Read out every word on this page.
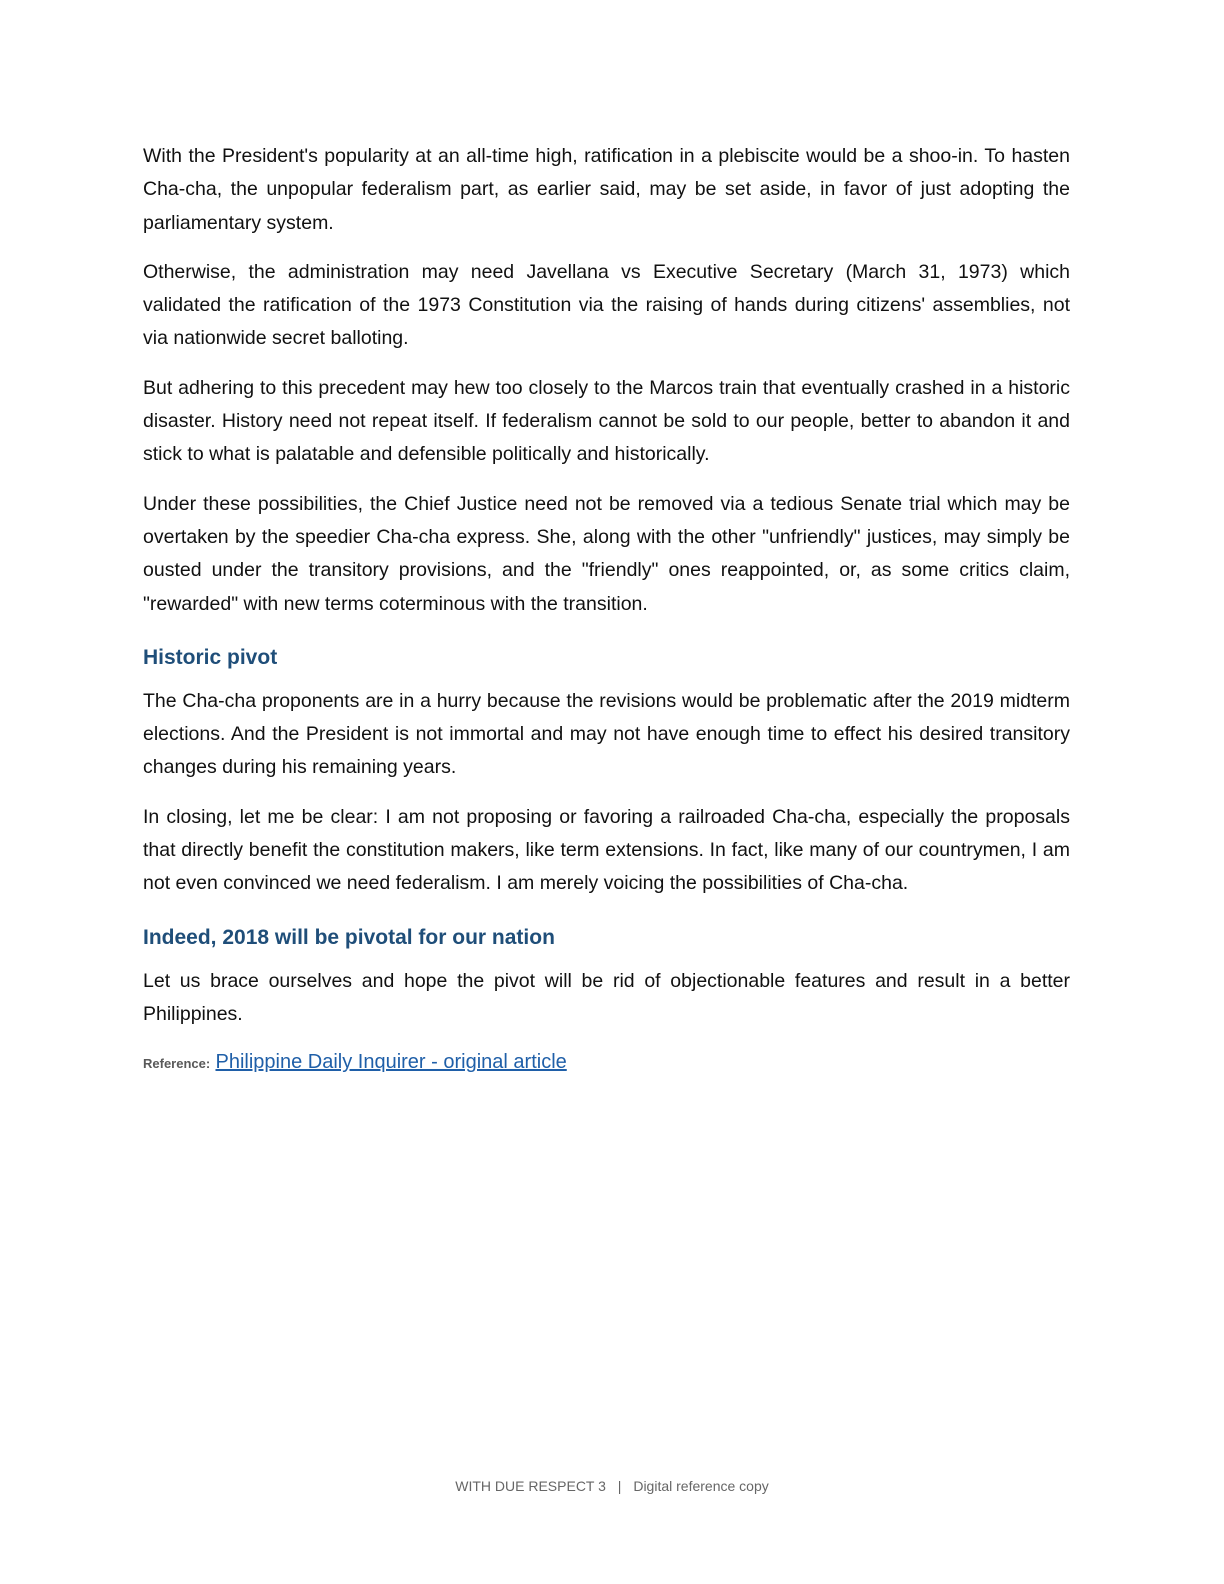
With the President's popularity at an all-time high, ratification in a plebiscite would be a shoo-in. To hasten Cha-cha, the unpopular federalism part, as earlier said, may be set aside, in favor of just adopting the parliamentary system.

Otherwise, the administration may need Javellana vs Executive Secretary (March 31, 1973) which validated the ratification of the 1973 Constitution via the raising of hands during citizens' assemblies, not via nationwide secret balloting.

But adhering to this precedent may hew too closely to the Marcos train that eventually crashed in a historic disaster. History need not repeat itself. If federalism cannot be sold to our people, better to abandon it and stick to what is palatable and defensible politically and historically.

Under these possibilities, the Chief Justice need not be removed via a tedious Senate trial which may be overtaken by the speedier Cha-cha express. She, along with the other "unfriendly" justices, may simply be ousted under the transitory provisions, and the "friendly" ones reappointed, or, as some critics claim, "rewarded" with new terms coterminous with the transition.

Historic pivot

The Cha-cha proponents are in a hurry because the revisions would be problematic after the 2019 midterm elections. And the President is not immortal and may not have enough time to effect his desired transitory changes during his remaining years.

In closing, let me be clear: I am not proposing or favoring a railroaded Cha-cha, especially the proposals that directly benefit the constitution makers, like term extensions. In fact, like many of our countrymen, I am not even convinced we need federalism. I am merely voicing the possibilities of Cha-cha.

Indeed, 2018 will be pivotal for our nation

Let us brace ourselves and hope the pivot will be rid of objectionable features and result in a better Philippines.

Reference: Philippine Daily Inquirer - original article
WITH DUE RESPECT 3 | Digital reference copy
